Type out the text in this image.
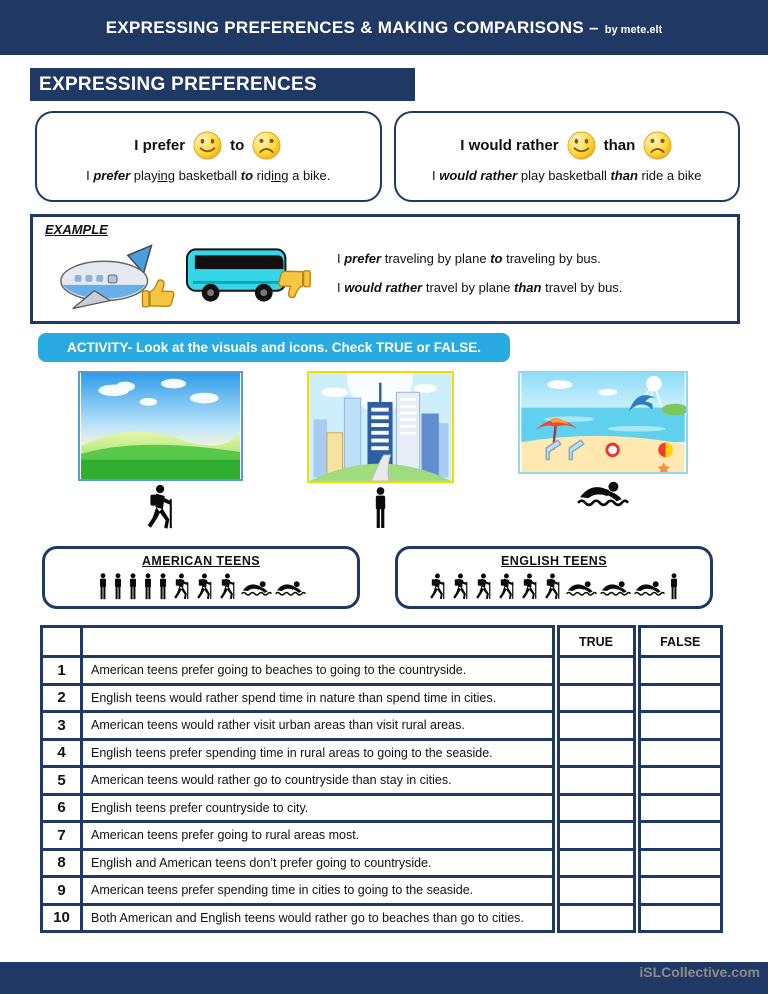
EXPRESSING PREFERENCES & MAKING COMPARISONS – by mete.elt
EXPRESSING PREFERENCES
I prefer	to
I prefer playing basketball to riding a bike.
I would rather	than
I would rather play basketball than ride a bike
EXAMPLE

I prefer traveling by plane to traveling by bus.

I would rather travel by plane than travel by bus.

ACTIVITY- Look at the visuals and icons. Check TRUE or FALSE.
AMERICAN TEENS	ENGLISH TEENS
		TRUE	FALSE
1	American teens prefer going to beaches to going to the countryside.		
2	English teens would rather spend time in nature than spend time in cities.		
3	American teens would rather visit urban areas than visit rural areas.		
4	English teens prefer spending time in rural areas to going to the seaside.		
5	American teens would rather go to countryside than stay in cities.		
6	English teens prefer countryside to city.		
7	American teens prefer going to rural areas most.		
8	English and American teens don’t prefer going to countryside.		
9	American teens prefer spending time in cities to going to the seaside.		
10	Both American and English teens would rather go to beaches than go to cities.		
iSLCollective.com
